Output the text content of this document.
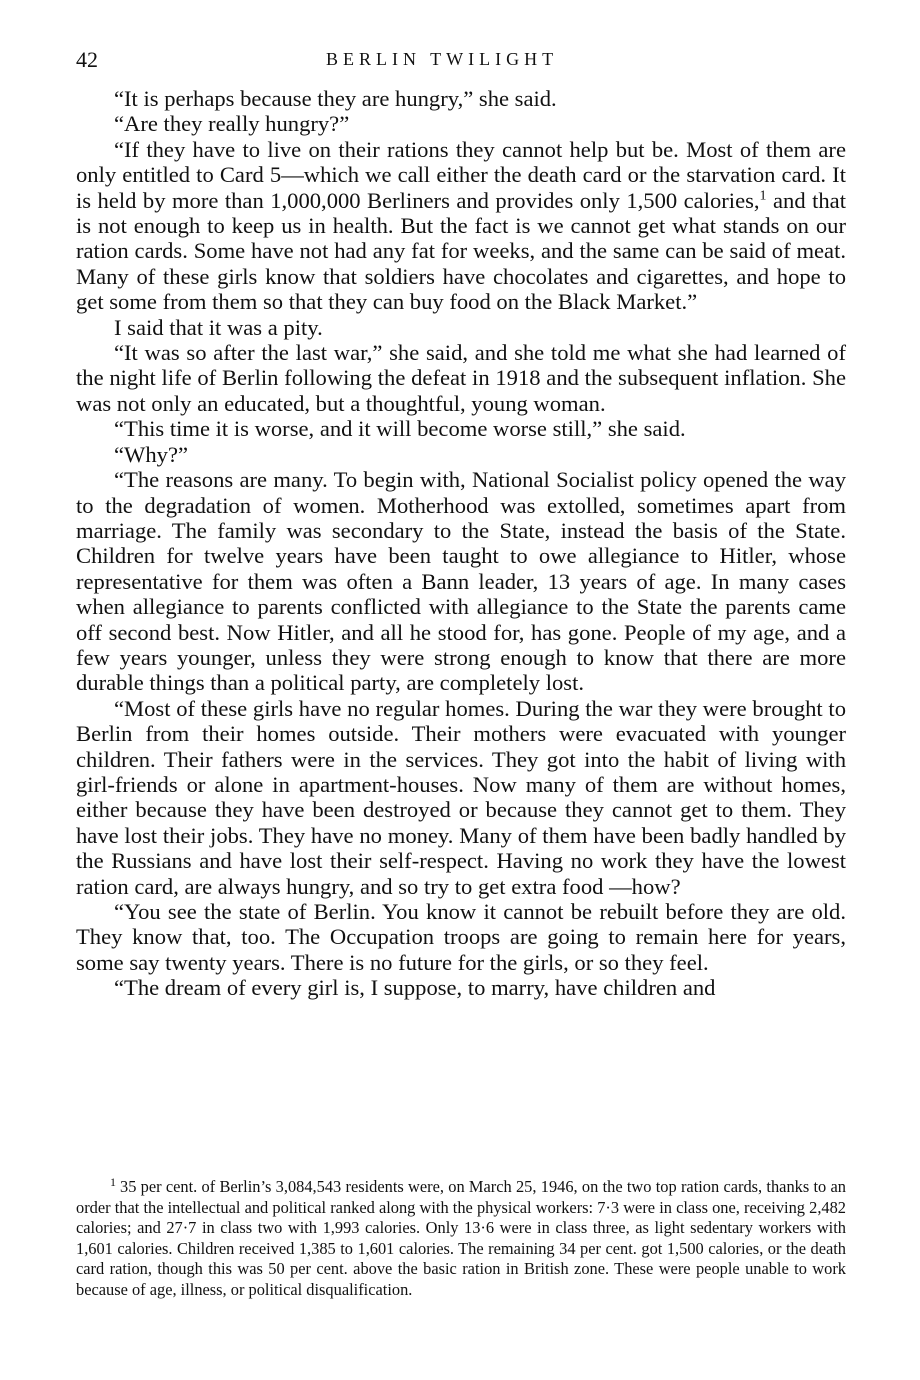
42	BERLIN TWILIGHT

“It is perhaps because they are hungry,” she said.

“Are they really hungry?”

“If they have to live on their rations they cannot help but be. Most of them are only entitled to Card 5—which we call either the death card or the starvation card. It is held by more than 1,000,000 Berliners and provides only 1,500 calories,$^1$ and that is not enough to keep us in health. But the fact is we cannot get what stands on our ration cards. Some have not had any fat for weeks, and the same can be said of meat. Many of these girls know that soldiers have chocolates and cigarettes, and hope to get some from them so that they can buy food on the Black Market.”

I said that it was a pity.

“It was so after the last war,” she said, and she told me what she had learned of the night life of Berlin following the defeat in 1918 and the subsequent inflation. She was not only an educated, but a thoughtful, young woman.

“This time it is worse, and it will become worse still,” she said.

“Why?”

“The reasons are many. To begin with, National Socialist policy opened the way to the degradation of women. Motherhood was extolled, sometimes apart from marriage. The family was secondary to the State, instead the basis of the State. Children for twelve years have been taught to owe allegiance to Hitler, whose representative for them was often a Bann leader, 13 years of age. In many cases when allegiance to parents conflicted with allegiance to the State the parents came off second best. Now Hitler, and all he stood for, has gone. People of my age, and a few years younger, unless they were strong enough to know that there are more durable things than a political party, are completely lost.

“Most of these girls have no regular homes. During the war they were brought to Berlin from their homes outside. Their mothers were evacuated with younger children. Their fathers were in the services. They got into the habit of living with girl-friends or alone in apartment-houses. Now many of them are without homes, either because they have been destroyed or because they cannot get to them. They have lost their jobs. They have no money. Many of them have been badly handled by the Russians and have lost their self-respect. Having no work they have the lowest ration card, are always hungry, and so try to get extra food —how?

“You see the state of Berlin. You know it cannot be rebuilt before they are old. They know that, too. The Occupation troops are going to remain here for years, some say twenty years. There is no future for the girls, or so they feel.

“The dream of every girl is, I suppose, to marry, have children and

$^1$ 35 per cent. of Berlin’s 3,084,543 residents were, on March 25, 1946, on the two top ration cards, thanks to an order that the intellectual and political ranked along with the physical workers: 7·3 were in class one, receiving 2,482 calories; and 27·7 in class two with 1,993 calories. Only 13·6 were in class three, as light sedentary workers with 1,601 calories. Children received 1,385 to 1,601 calories. The remaining 34 per cent. got 1,500 calories, or the death card ration, though this was 50 per cent. above the basic ration in British zone. These were people unable to work because of age, illness, or political disqualification.
